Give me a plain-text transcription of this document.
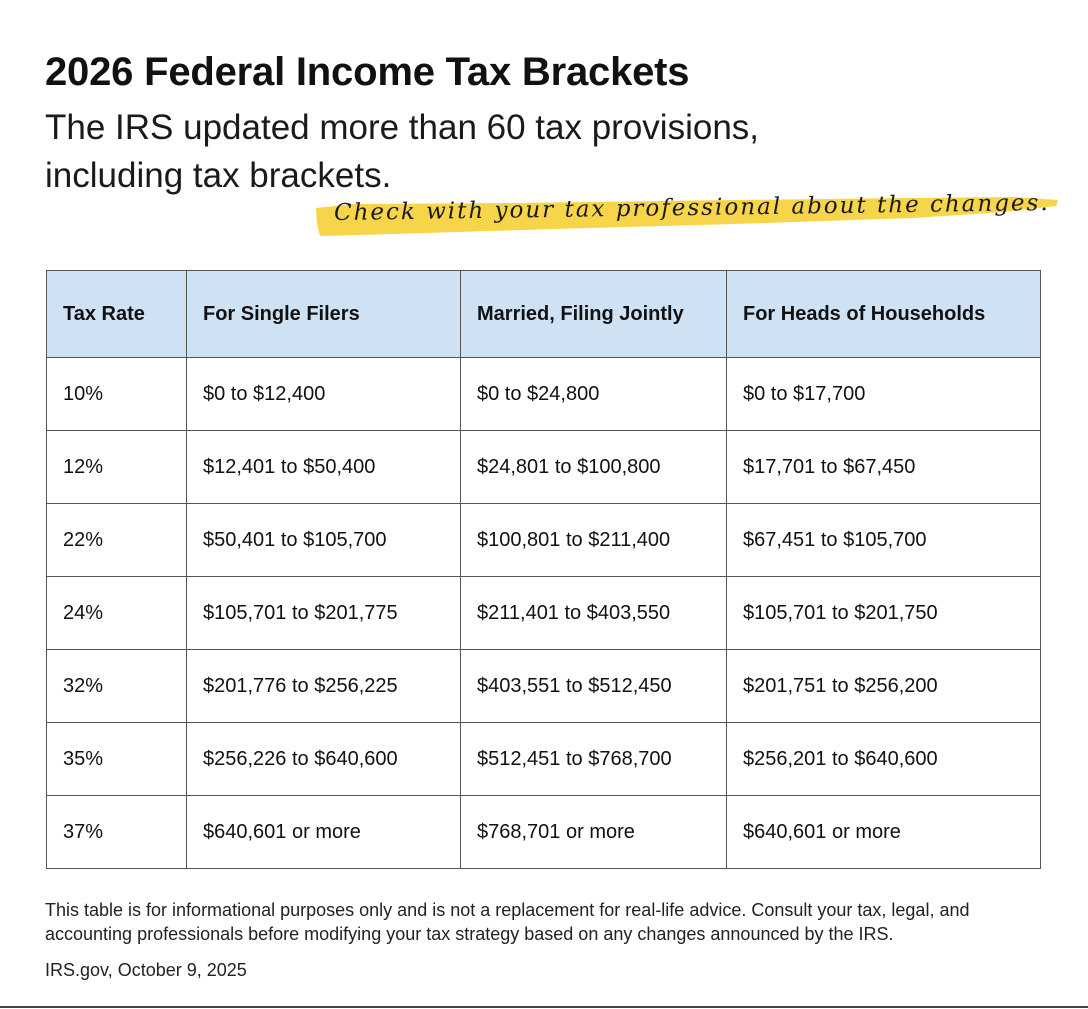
2026 Federal Income Tax Brackets

The IRS updated more than 60 tax provisions, including tax brackets.

Check with your tax professional about the changes.
Tax Rate	For Single Filers	Married, Filing Jointly	For Heads of Households
10%	$0 to $12,400	$0 to $24,800	$0 to $17,700
12%	$12,401 to $50,400	$24,801 to $100,800	$17,701 to $67,450
22%	$50,401 to $105,700	$100,801 to $211,400	$67,451 to $105,700
24%	$105,701 to $201,775	$211,401 to $403,550	$105,701 to $201,750
32%	$201,776 to $256,225	$403,551 to $512,450	$201,751 to $256,200
35%	$256,226 to $640,600	$512,451 to $768,700	$256,201 to $640,600
37%	$640,601 or more	$768,701 or more	$640,601 or more

This table is for informational purposes only and is not a replacement for real-life advice. Consult your tax, legal, and accounting professionals before modifying your tax strategy based on any changes announced by the IRS.

IRS.gov, October 9, 2025
